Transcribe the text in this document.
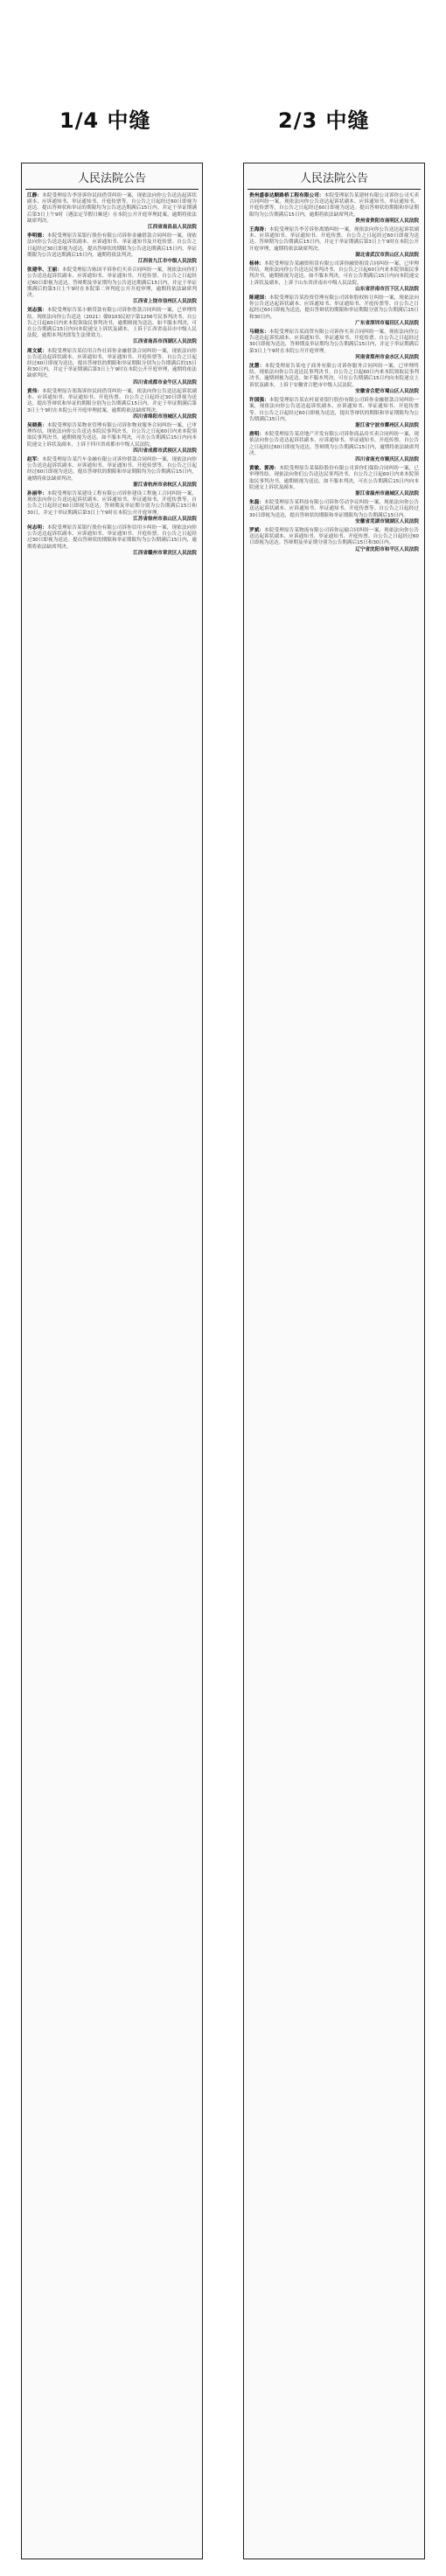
1/4 中缝	2/3 中缝
人民法院公告
江静：本院受理原告李泽诉你民间借贷纠纷一案，现依法向你公告送达起诉状副本、应诉通知书、举证通知书、开庭传票等。自公告之日起经过60日即视为送达。提出答辩状和举证的期限均为公告送达期满后15日内。并定于举证期满后第3日上午9时（遇法定节假日顺延）在本院公开开庭审理此案，逾期将依法缺席判决。
江西省南昌县人民法院
李明德：本院受理原告某银行股份有限公司诉你金融借款合同纠纷一案，现依法向你公告送达起诉状副本、应诉通知书、举证通知书及开庭传票。自公告之日起经过30日即视为送达。提出答辩状的期限为公告送达期满后15日内，举证期限为公告送达期满后15日内。逾期将依法判决。
江西省九江市中级人民法院
张建华、王丽：本院受理原告陈国平诉你们买卖合同纠纷一案，现依法向你们公告送达起诉状副本、应诉通知书、举证通知书、开庭传票。自公告之日起经过60日即视为送达。答辩期及举证期均为公告送达期满后15日内，并定于举证期满后的第3日上午9时在本院第二审判庭公开开庭审理，逾期将依法缺席判决。
江西省上饶市信州区人民法院
刘志强：本院受理原告某小额贷款有限公司诉你借款合同纠纷一案，已审理终结。现依法向你公告送达（2021）赣0103民初字第1256号民事判决书。自公告之日起60日内来本院领取民事判决书，逾期则视为送达。如不服本判决，可在公告期满后15日内向本院递交上诉状及副本，上诉于江西省南昌市中级人民法院。逾期本判决即发生法律效力。
江西省南昌市西湖区人民法院
周文斌：本院受理原告某信用合作社诉你金融借款合同纠纷一案，现依法向你公告送达起诉状副本、应诉通知书、举证通知书、开庭传票等。自公告之日起经过60日即视为送达。提出答辩状的期限和举证期限分别为公告期满后的15日和30日内，并定于举证期满后第3日上午9时在本院公开开庭审理，逾期将依法缺席判决。
四川省成都市金牛区人民法院
黄伟：本院受理原告郑海诉你民间借贷纠纷一案，依法向你公告送达起诉状副本、应诉通知书、举证通知书、开庭传票。自公告之日起经过30日即视为送达。提出答辩状和举证的期限分别为公告期满后15日内。并定于举证期满后第3日上午9时在本院公开开庭审理此案，逾期将依法缺席判决。
四川省绵阳市涪城区人民法院
吴晓燕：本院受理原告某物业管理有限公司诉你物业服务合同纠纷一案，已审理终结。现依法向你公告送达本院民事判决书。自公告之日起60日内来本院领取民事判决书，逾期则视为送达。如不服本判决，可在公告期满后15日内向本院递交上诉状及副本，上诉于四川省成都市中级人民法院。
四川省成都市武侯区人民法院
赵军：本院受理原告某汽车金融有限公司诉你借款合同纠纷一案，现依法向你公告送达起诉状副本、应诉通知书、举证通知书、开庭传票等。自公告之日起经过60日即视为送达，提出答辩状的期限和举证期限均为公告期满后15日内，逾期将依法缺席判决。
浙江省杭州市余杭区人民法院
孙丽华：本院受理原告某建设工程有限公司诉你建设工程施工合同纠纷一案，现依法向你公告送达起诉状副本、应诉通知书、举证通知书、开庭传票等。自公告之日起经过60日即视为送达，答辩期及举证期分别为公告期满后15日和30日，并定于举证期满后第3日上午9时在本院公开开庭审理。
江苏省徐州市泉山区人民法院
何志明：本院受理原告某银行股份有限公司诉你信用卡纠纷一案，现依法向你公告送达起诉状副本、应诉通知书、举证通知书、开庭传票。自公告之日起经过30日即视为送达。提出答辩状的期限和举证期限均为公告期满后15日内，逾期将依法缺席判决。
江西省赣州市章贡区人民法院
人民法院公告
贵州盛泰达顺路桥工程有限公司：本院受理原告某建材有限公司诉你公司买卖合同纠纷一案，现依法向你公告送达起诉状副本、应诉通知书、举证通知书、开庭传票等。自公告之日起经过60日即视为送达。提出答辩状的期限和举证期限均为公告期满后15日内，逾期将依法缺席判决。
贵州省贵阳市南明区人民法院
王海涛：本院受理原告李芳诉你离婚纠纷一案，现依法向你公告送达起诉状副本、应诉通知书、举证通知书、开庭传票。自公告之日起经过60日即视为送达。答辩期为公告期满后15日内，并定于举证期满后第3日上午9时在本院公开开庭审理，逾期将依法缺席判决。
湖北省武汉市洪山区人民法院
杨林：本院受理原告某融资租赁有限公司诉你融资租赁合同纠纷一案，已审理终结。现依法向你公告送达民事判决书。自公告之日起60日内来本院领取民事判决书，逾期则视为送达。如不服本判决，可在公告期满后15日内向本院递交上诉状及副本，上诉于山东省济南市中级人民法院。
山东省济南市历下区人民法院
陈建国：本院受理原告某投资管理有限公司诉你股权转让纠纷一案，现依法向你公告送达起诉状副本、应诉通知书、举证通知书、开庭传票等。自公告之日起经过60日即视为送达，提出答辩状的期限和举证期限分别为公告期满后15日和30日内。
广东省深圳市福田区人民法院
马晓东：本院受理原告某商贸有限公司诉你买卖合同纠纷一案，现依法向你公告送达起诉状副本、应诉通知书、举证通知书、开庭传票。自公告之日起经过30日即视为送达，答辩期及举证期均为公告期满后15日内，并定于举证期满后第3日上午9时在本院公开开庭审理。
河南省郑州市金水区人民法院
沈慧：本院受理原告某电子商务有限公司诉你服务合同纠纷一案，已审理终结。现依法向你公告送达民事判决书。自公告之日起60日内来本院领取民事判决书，逾期则视为送达。如不服本判决，可在公告期满后15日内向本院递交上诉状及副本，上诉于安徽省合肥市中级人民法院。
安徽省合肥市蜀山区人民法院
许国强：本院受理原告某农村商业银行股份有限公司诉你金融借款合同纠纷一案，现依法向你公告送达起诉状副本、应诉通知书、举证通知书、开庭传票等。自公告之日起经过60日即视为送达，提出答辩状的期限和举证期限均为公告期满后15日内。
浙江省宁波市鄞州区人民法院
唐明：本院受理原告某房地产开发有限公司诉你商品房买卖合同纠纷一案，现依法向你公告送达起诉状副本、应诉通知书、举证通知书、开庭传票。自公告之日起经过60日即视为送达。答辩期为公告期满后15日内，逾期将依法缺席判决。
四川省南充市顺庆区人民法院
黄敏、郭涛：本院受理原告某保险股份有限公司诉你们保险合同纠纷一案，已审理终结。现依法向你们公告送达民事判决书。自公告之日起60日内来本院领取民事判决书，逾期则视为送达。如不服本判决，可在公告期满后15日内向本院递交上诉状及副本。
浙江省温州市鹿城区人民法院
朱磊：本院受理原告某科技有限公司诉你劳动争议纠纷一案，现依法向你公告送达起诉状副本、应诉通知书、举证通知书、开庭传票等。自公告之日起经过30日即视为送达，提出答辩状的期限和举证期限均为公告期满后15日内。
安徽省芜湖市镜湖区人民法院
罗斌：本院受理原告某物流有限公司诉你运输合同纠纷一案，现依法向你公告送达起诉状副本、应诉通知书、举证通知书、开庭传票。自公告之日起经过60日即视为送达。答辩期及举证期分别为公告期满后15日和30日内。
辽宁省沈阳市和平区人民法院
